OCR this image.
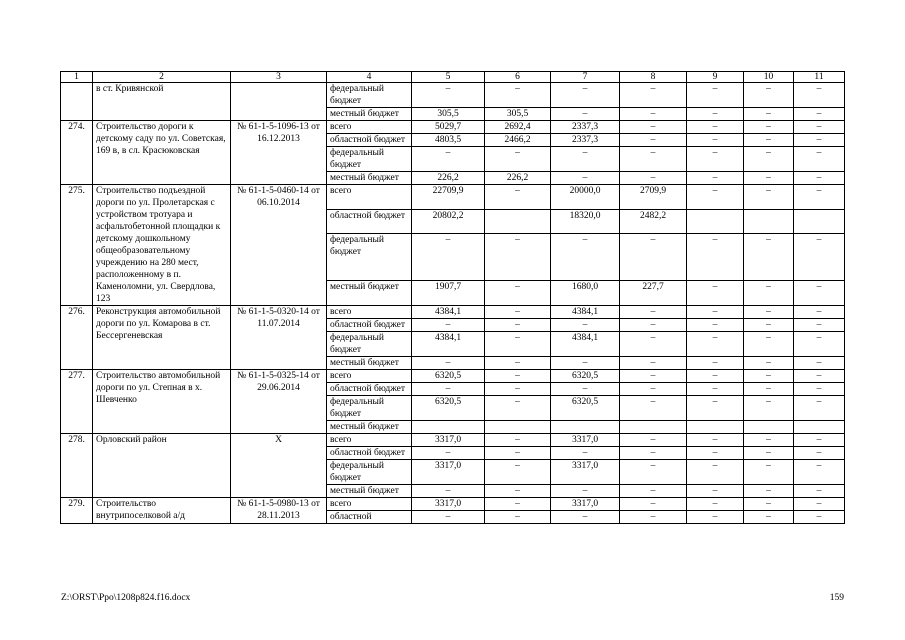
1	2	3	4	5	6	7	8	9	10	11
	в ст. Кривянской		федеральный бюджет	–	–	–	–	–	–	–
			местный бюджет	305,5	305,5	–	–	–	–	–
274.	Строительство дороги к детскому саду по ул. Советская, 169 в, в сл. Красюковская	№ 61-1-5-1096-13 от 16.12.2013	всего	5029,7	2692,4	2337,3	–	–	–	–
			областной бюджет	4803,5	2466,2	2337,3	–	–	–	–
			федеральный бюджет	–	–	–	–	–	–	–
			местный бюджет	226,2	226,2	–	–	–	–	–
275.	Строительство подъездной дороги по ул. Пролетарская с устройством тротуара и асфальтобетонной площадки к детскому дошкольному общеобразовательному учреждению на 280 мест, расположенному в п. Каменоломни, ул. Свердлова, 123	№ 61-1-5-0460-14 от 06.10.2014	всего	22709,9	–	20000,0	2709,9	–	–	–
			областной бюджет	20802,2		18320,0	2482,2			
			федеральный бюджет	–	–	–	–	–	–	–
			местный бюджет	1907,7	–	1680,0	227,7	–	–	–
276.	Реконструкция автомобильной дороги по ул. Комарова в ст. Бессергеневская	№ 61-1-5-0320-14 от 11.07.2014	всего	4384,1	–	4384,1	–	–	–	–
			областной бюджет	–	–	–	–	–	–	–
			федеральный бюджет	4384,1	–	4384,1	–	–	–	–
			местный бюджет	–	–	–	–	–	–	–
277.	Строительство автомобильной дороги по ул. Степная в х. Шевченко	№ 61-1-5-0325-14 от 29.06.2014	всего	6320,5	–	6320,5	–	–	–	–
			областной бюджет	–	–	–	–	–	–	–
			федеральный бюджет	6320,5	–	6320,5	–	–	–	–
			местный бюджет							
278.	Орловский район	X	всего	3317,0	–	3317,0	–	–	–	–
			областной бюджет	–	–	–	–	–	–	–
			федеральный бюджет	3317,0	–	3317,0	–	–	–	–
			местный бюджет	–	–	–	–	–	–	–
279.	Строительство внутрипоселковой а/д	№ 61-1-5-0980-13 от 28.11.2013	всего	3317,0	–	3317,0	–	–	–	–
			областной	–	–	–	–	–	–	–
Z:\ORST\Ppo\1208p824.f16.docx	159
